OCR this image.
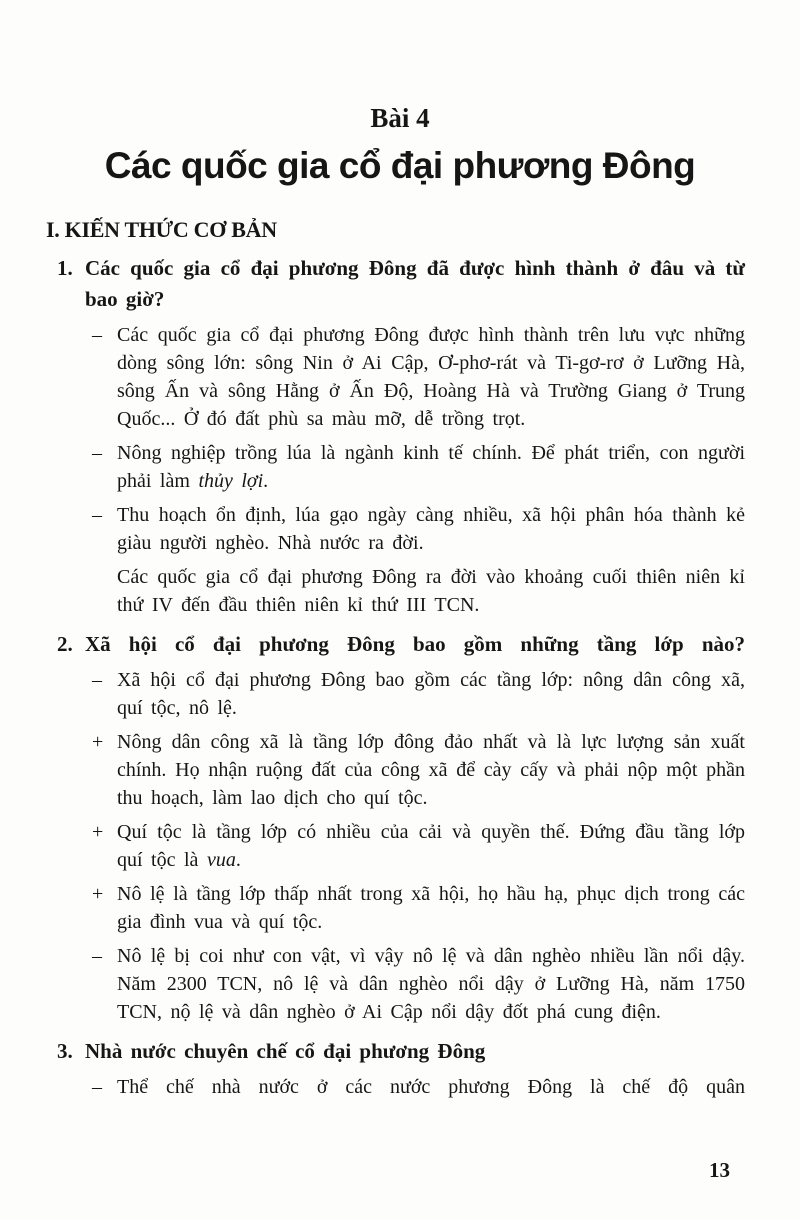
Bài 4
Các quốc gia cổ đại phương Đông
I. KIẾN THỨC CƠ BẢN
1. Các quốc gia cổ đại phương Đông đã được hình thành ở đâu và từ bao giờ?

– Các quốc gia cổ đại phương Đông được hình thành trên lưu vực những dòng sông lớn: sông Nin ở Ai Cập, Ơ-phơ-rát và Ti-gơ-rơ ở Lưỡng Hà, sông Ấn và sông Hằng ở Ấn Độ, Hoàng Hà và Trường Giang ở Trung Quốc... Ở đó đất phù sa màu mỡ, dễ trồng trọt.

– Nông nghiệp trồng lúa là ngành kinh tế chính. Để phát triển, con người phải làm thủy lợi.

– Thu hoạch ổn định, lúa gạo ngày càng nhiều, xã hội phân hóa thành kẻ giàu người nghèo. Nhà nước ra đời.

Các quốc gia cổ đại phương Đông ra đời vào khoảng cuối thiên niên kỉ thứ IV đến đầu thiên niên kỉ thứ III TCN.

2. Xã hội cổ đại phương Đông bao gồm những tầng lớp nào?

– Xã hội cổ đại phương Đông bao gồm các tầng lớp: nông dân công xã, quí tộc, nô lệ.

+ Nông dân công xã là tầng lớp đông đảo nhất và là lực lượng sản xuất chính. Họ nhận ruộng đất của công xã để cày cấy và phải nộp một phần thu hoạch, làm lao dịch cho quí tộc.

+ Quí tộc là tầng lớp có nhiều của cải và quyền thế. Đứng đầu tầng lớp quí tộc là vua.

+ Nô lệ là tầng lớp thấp nhất trong xã hội, họ hầu hạ, phục dịch trong các gia đình vua và quí tộc.

– Nô lệ bị coi như con vật, vì vậy nô lệ và dân nghèo nhiều lần nổi dậy. Năm 2300 TCN, nô lệ và dân nghèo nổi dậy ở Lưỡng Hà, năm 1750 TCN, nộ lệ và dân nghèo ở Ai Cập nổi dậy đốt phá cung điện.

3. Nhà nước chuyên chế cổ đại phương Đông

– Thể chế nhà nước ở các nước phương Đông là chế độ quân

13
